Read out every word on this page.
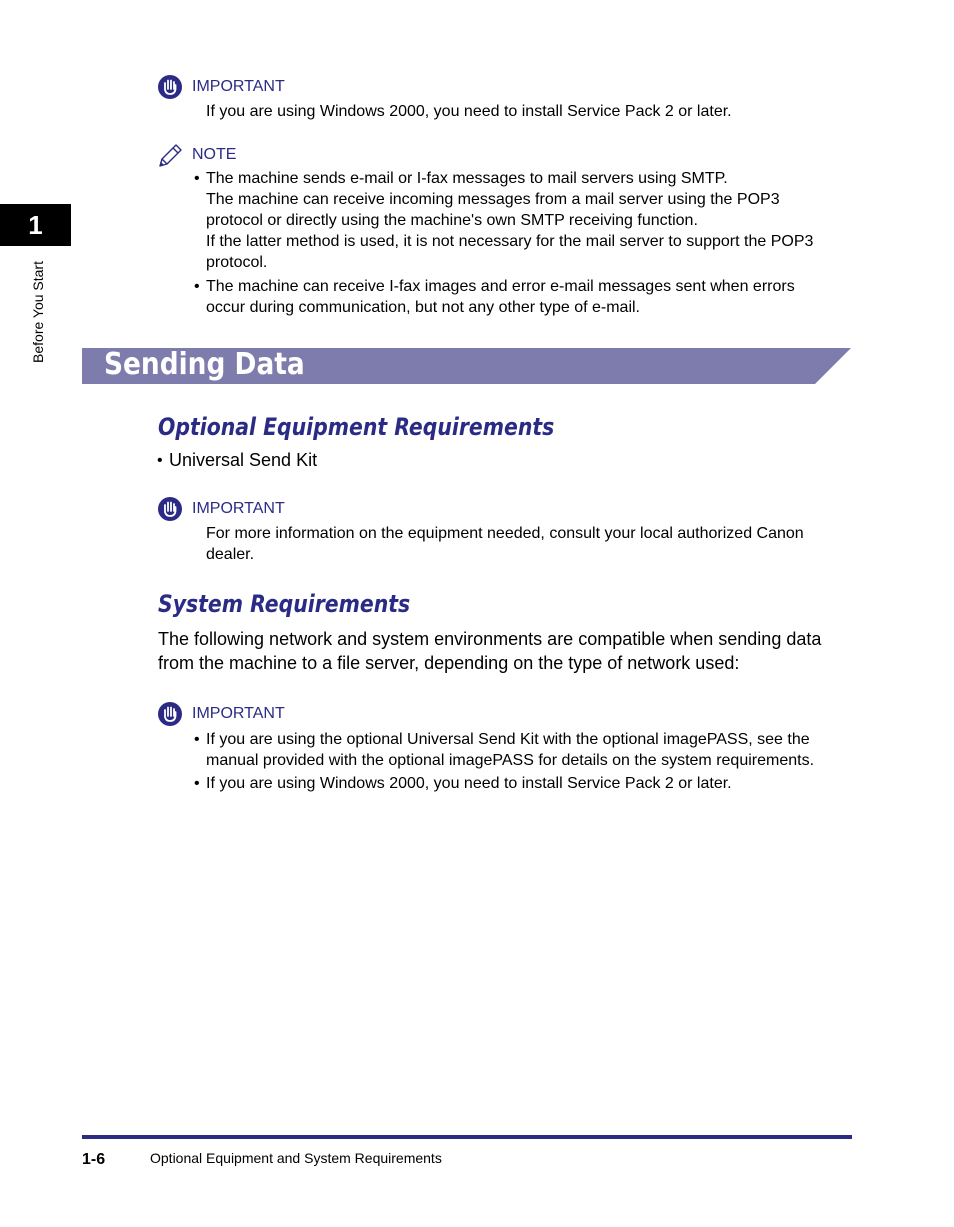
1
Before You Start
IMPORTANT
If you are using Windows 2000, you need to install Service Pack 2 or later.
NOTE
• The machine sends e-mail or I-fax messages to mail servers using SMTP.
The machine can receive incoming messages from a mail server using the POP3
protocol or directly using the machine's own SMTP receiving function.
If the latter method is used, it is not necessary for the mail server to support the POP3
protocol.
• The machine can receive I-fax images and error e-mail messages sent when errors
occur during communication, but not any other type of e-mail.
Sending Data
Optional Equipment Requirements
• Universal Send Kit
IMPORTANT
For more information on the equipment needed, consult your local authorized Canon
dealer.
System Requirements
The following network and system environments are compatible when sending data
from the machine to a file server, depending on the type of network used:
IMPORTANT
• If you are using the optional Universal Send Kit with the optional imagePASS, see the
manual provided with the optional imagePASS for details on the system requirements.
• If you are using Windows 2000, you need to install Service Pack 2 or later.
1-6	Optional Equipment and System Requirements
